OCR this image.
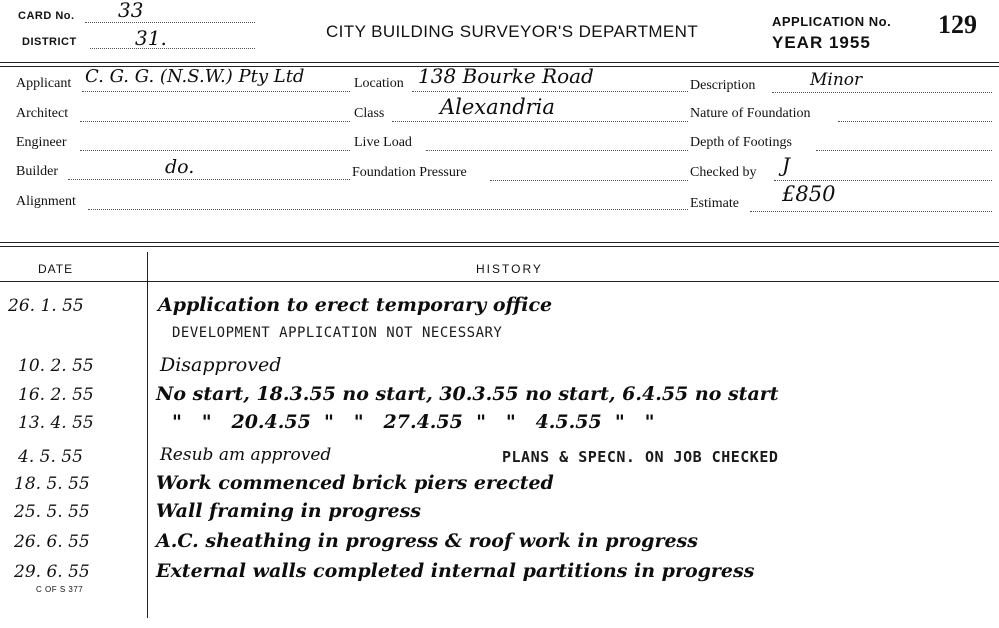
CARD No. 33
DISTRICT	31.	CITY BUILDING SURVEYOR'S DEPARTMENT
APPLICATION No.
YEAR 1955
129
Applicant C. G. G. (N.S.W.) Pty Ltd	Location 138 Bourke Road	Description	Minor
Architect	Class	Alexandria	Nature of Foundation
Engineer	Live Load	Depth of Footings
Builder	do.	Foundation Pressure	Checked by J
Alignment	Estimate £850
DATE	HISTORY
26. 1. 55	Application to erect temporary office
DEVELOPMENT APPLICATION NOT NECESSARY
10. 2. 55	Disapproved
16. 2. 55	No start, 18.3.55 no start, 30.3.55 no start, 6.4.55 no start
13. 4. 55	"   "   20.4.55  "   "   27.4.55  "   "   4.5.55  "   "
4. 5. 55	Resub am approved	PLANS & SPECN. ON JOB CHECKED
18. 5. 55	Work commenced brick piers erected
25. 5. 55	Wall framing in progress
26. 6. 55	A.C. sheathing in progress & roof work in progress
29. 6. 55	External walls completed internal partitions in progress
C OF S 377
